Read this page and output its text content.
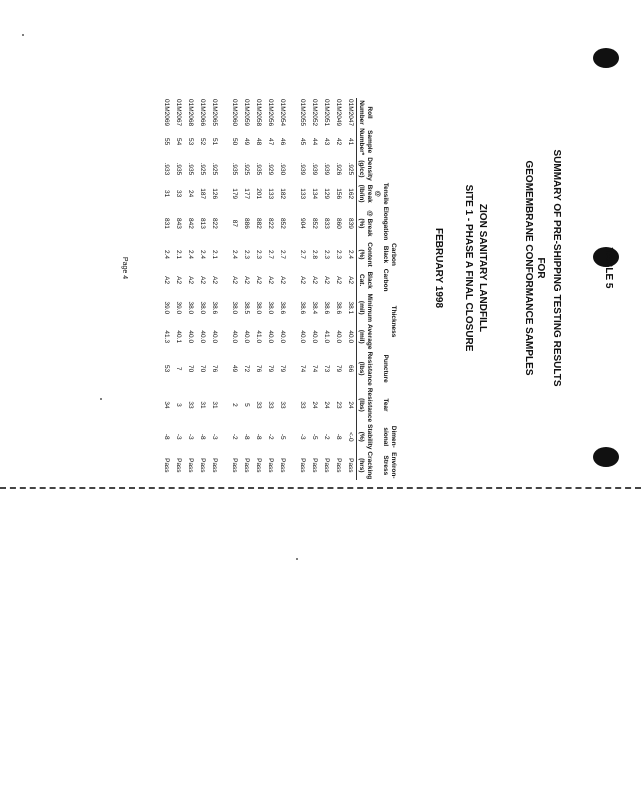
TABLE 5
SUMMARY OF PRE-SHIPPING TESTING RESULTS
FOR
GEOMEMBRANE CONFORMANCE SAMPLES
ZION SANITARY LANDFILL
SITE 1 - PHASE A FINAL CLOSURE
FEBRUARY 1998
					Carbon		Thickness				Dimen-	Environ-
			Tensile	Elongation	Black	Carbon			Puncture	Tear	sional	Stress
Roll	Sample	Density	@ Break	@ Break	Content	Black	Minimum	Average	Resistance	Resistance	Stability	Cracking
Number	Number*	(g/cc)	(lb/in)	(%)	(%)	Cat.	(mil)	(mil)	(lbs)	(lbs)	(%)	(hrs)
01M2047	41	.925	162	839	2.4	A2	38.1	40.0	66	24	<-0	Pass
01M2049	42	.926	156	860	2.3	A2	38.6	40.0	79	23	-8	Pass
01M2051	43	.939	129	833	2.3	A2	38.6	41.0	73	24	-2	Pass
01M2052	44	.939	134	852	2.8	A2	38.4	40.0	74	24	-5	Pass
01M2055	45	.939	133	904	2.7	A2	38.6	40.0	74	33	-3	Pass

01M2054	46	.930	182	852	2.7	A2	38.6	40.0	79	33	-5	Pass
01M2056	47	.929	133	822	2.7	A2	38.0	40.0	79	33	-2	Pass
01M2058	48	.935	201	882	2.3	A2	38.0	41.0	76	33	-8	Pass
01M2059	49	.925	177	886	2.3	A2	38.5	40.0	72	5	-8	Pass
01M2060	50	.935	179	87	2.4	A2	38.0	40.0	49	2	-2	Pass

01M2065	51	.925	126	822	2.1	A2	38.6	40.0	76	31	-3	Pass
01M2066	52	.925	187	813	2.4	A2	38.0	40.0	70	31	-8	Pass
01M2068	53	.935	24	842	2.4	A2	38.0	40.0	70	33	-3	Pass
01M2067	54	.935	33	843	2.1	A2	39.0	40.1	7	3	-3	Pass
01M2069	55	.933	31	831	2.4	A2	39.0	41.3	53	34	-8	Pass
Page 4
